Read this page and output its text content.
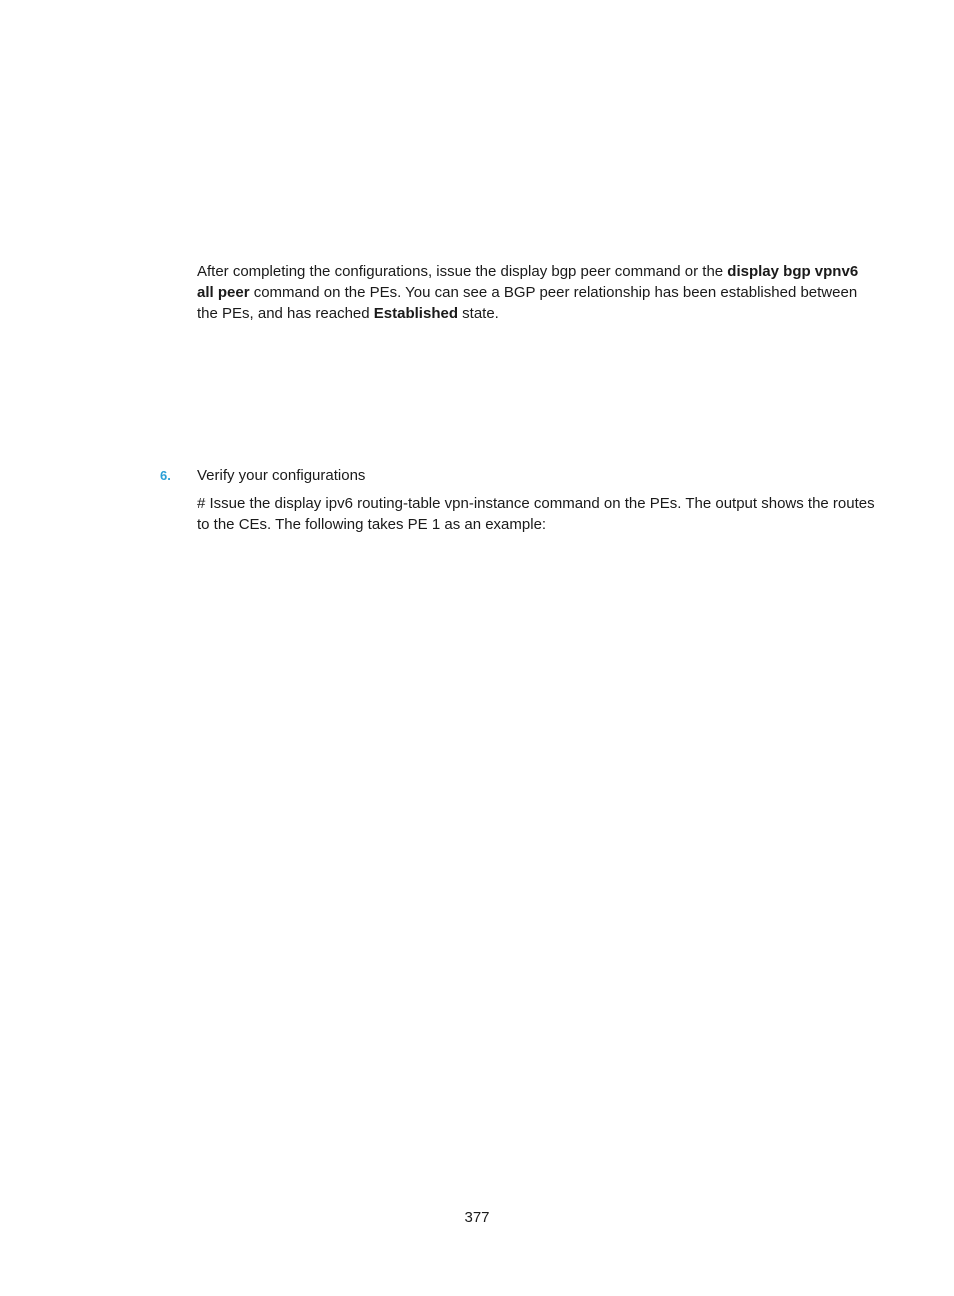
After completing the configurations, issue the display bgp peer command or the display bgp vpnv6 all peer command on the PEs. You can see a BGP peer relationship has been established between the PEs, and has reached Established state.

6. Verify your configurations

# Issue the display ipv6 routing-table vpn-instance command on the PEs. The output shows the routes to the CEs. The following takes PE 1 as an example:

377
